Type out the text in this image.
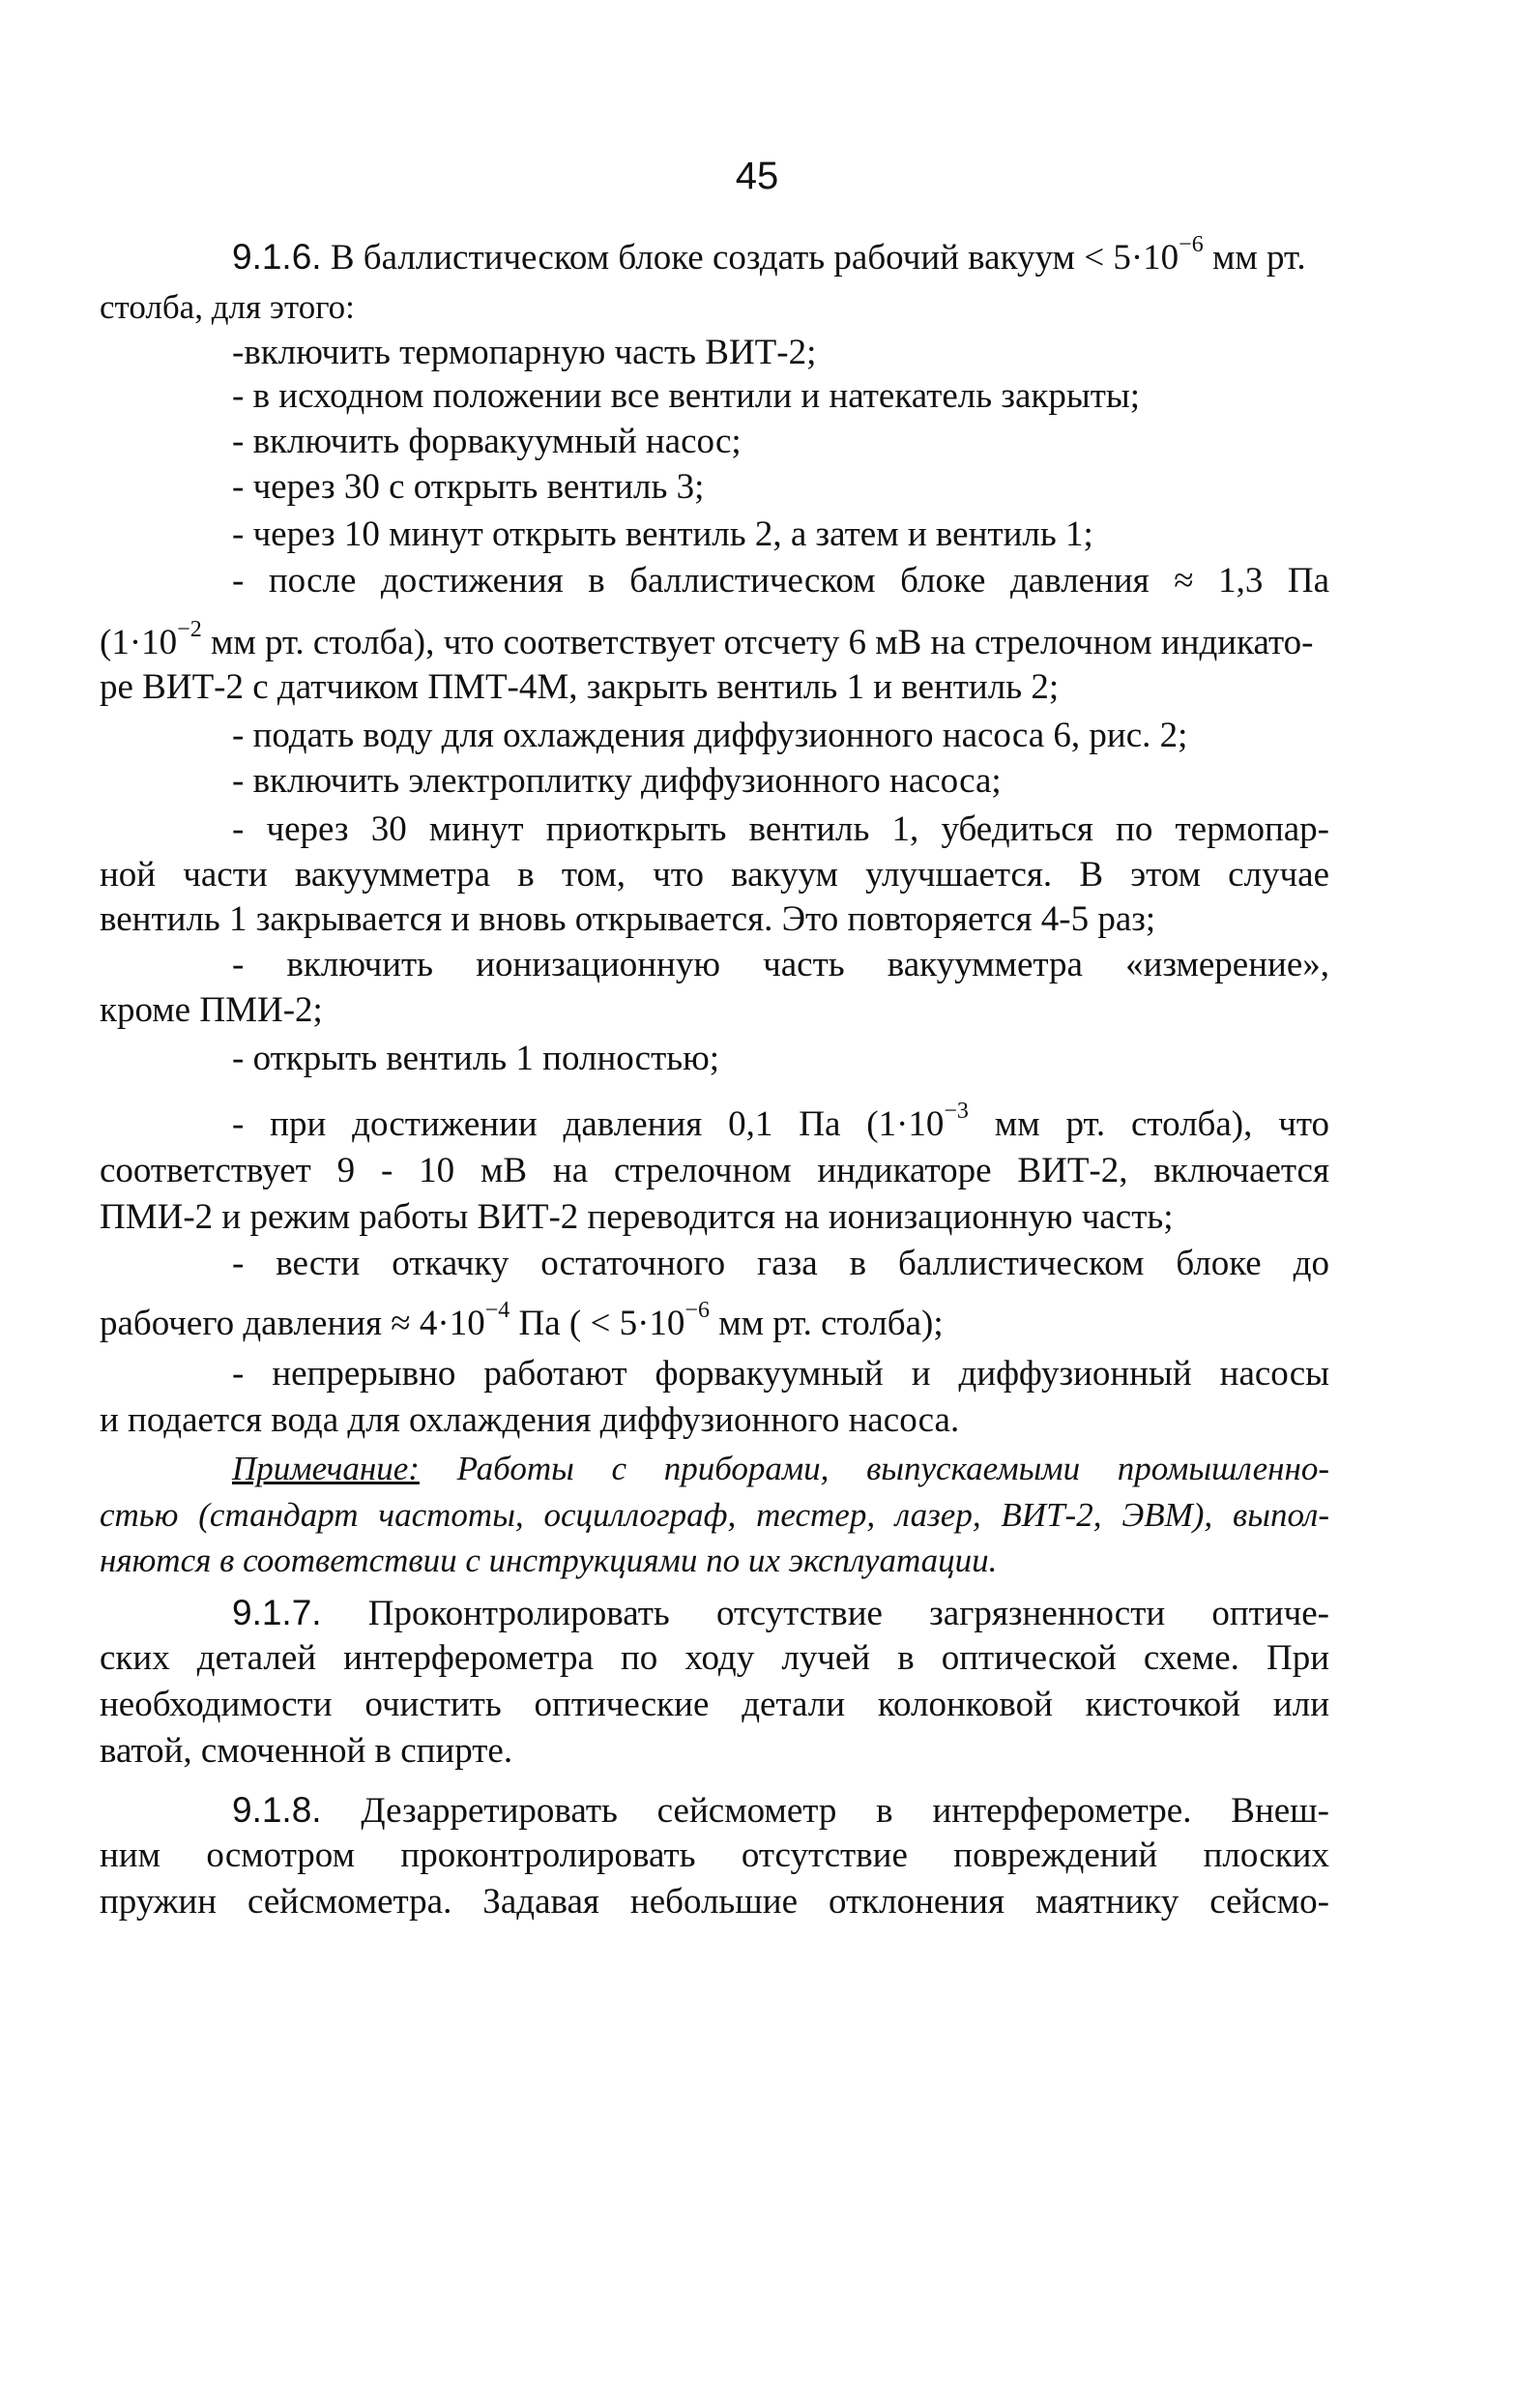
45
9.1.6. В баллистическом блоке создать рабочий вакуум < $5\cdot 10^{-6}$ мм рт.
столба, для этого:
-включить термопарную часть ВИТ-2;
- в исходном положении все вентили и натекатель закрыты;
- включить форвакуумный насос;
- через 30 с открыть вентиль 3;
- через 10 минут открыть вентиль 2, а затем и вентиль 1;
- после достижения в баллистическом блоке давления ≈ 1,3 Па
($1\cdot 10^{-2}$ мм рт. столба), что соответствует отсчету 6 мВ на стрелочном индикато-
ре ВИТ-2 с датчиком ПМТ-4М, закрыть вентиль 1 и вентиль 2;
- подать воду для охлаждения диффузионного насоса 6, рис. 2;
- включить электроплитку диффузионного насоса;
- через 30 минут приоткрыть вентиль 1, убедиться по термопар-
ной части вакуумметра в том, что вакуум улучшается. В этом случае
вентиль 1 закрывается и вновь открывается. Это повторяется 4-5 раз;
- включить ионизационную часть вакуумметра «измерение»,
кроме ПМИ-2;
- открыть вентиль 1 полностью;
- при достижении давления 0,1 Па ($1\cdot 10^{-3}$ мм рт. столба), что
соответствует 9 - 10 мВ на стрелочном индикаторе ВИТ-2, включается
ПМИ-2 и режим работы ВИТ-2 переводится на ионизационную часть;
- вести откачку остаточного газа в баллистическом блоке до
рабочего давления ≈ $4\cdot 10^{-4}$ Па ( < $5\cdot 10^{-6}$ мм рт. столба);
- непрерывно работают форвакуумный и диффузионный насосы
и подается вода для охлаждения диффузионного насоса.
Примечание: Работы с приборами, выпускаемыми промышленно-
стью (стандарт частоты, осциллограф, тестер, лазер, ВИТ-2, ЭВМ), выпол-
няются в соответствии с инструкциями по их эксплуатации.
9.1.7. Проконтролировать отсутствие загрязненности оптиче-
ских деталей интерферометра по ходу лучей в оптической схеме. При
необходимости очистить оптические детали колонковой кисточкой или
ватой, смоченной в спирте.
9.1.8. Дезарретировать сейсмометр в интерферометре. Внеш-
ним осмотром проконтролировать отсутствие повреждений плоских
пружин сейсмометра. Задавая небольшие отклонения маятнику сейсмо-
